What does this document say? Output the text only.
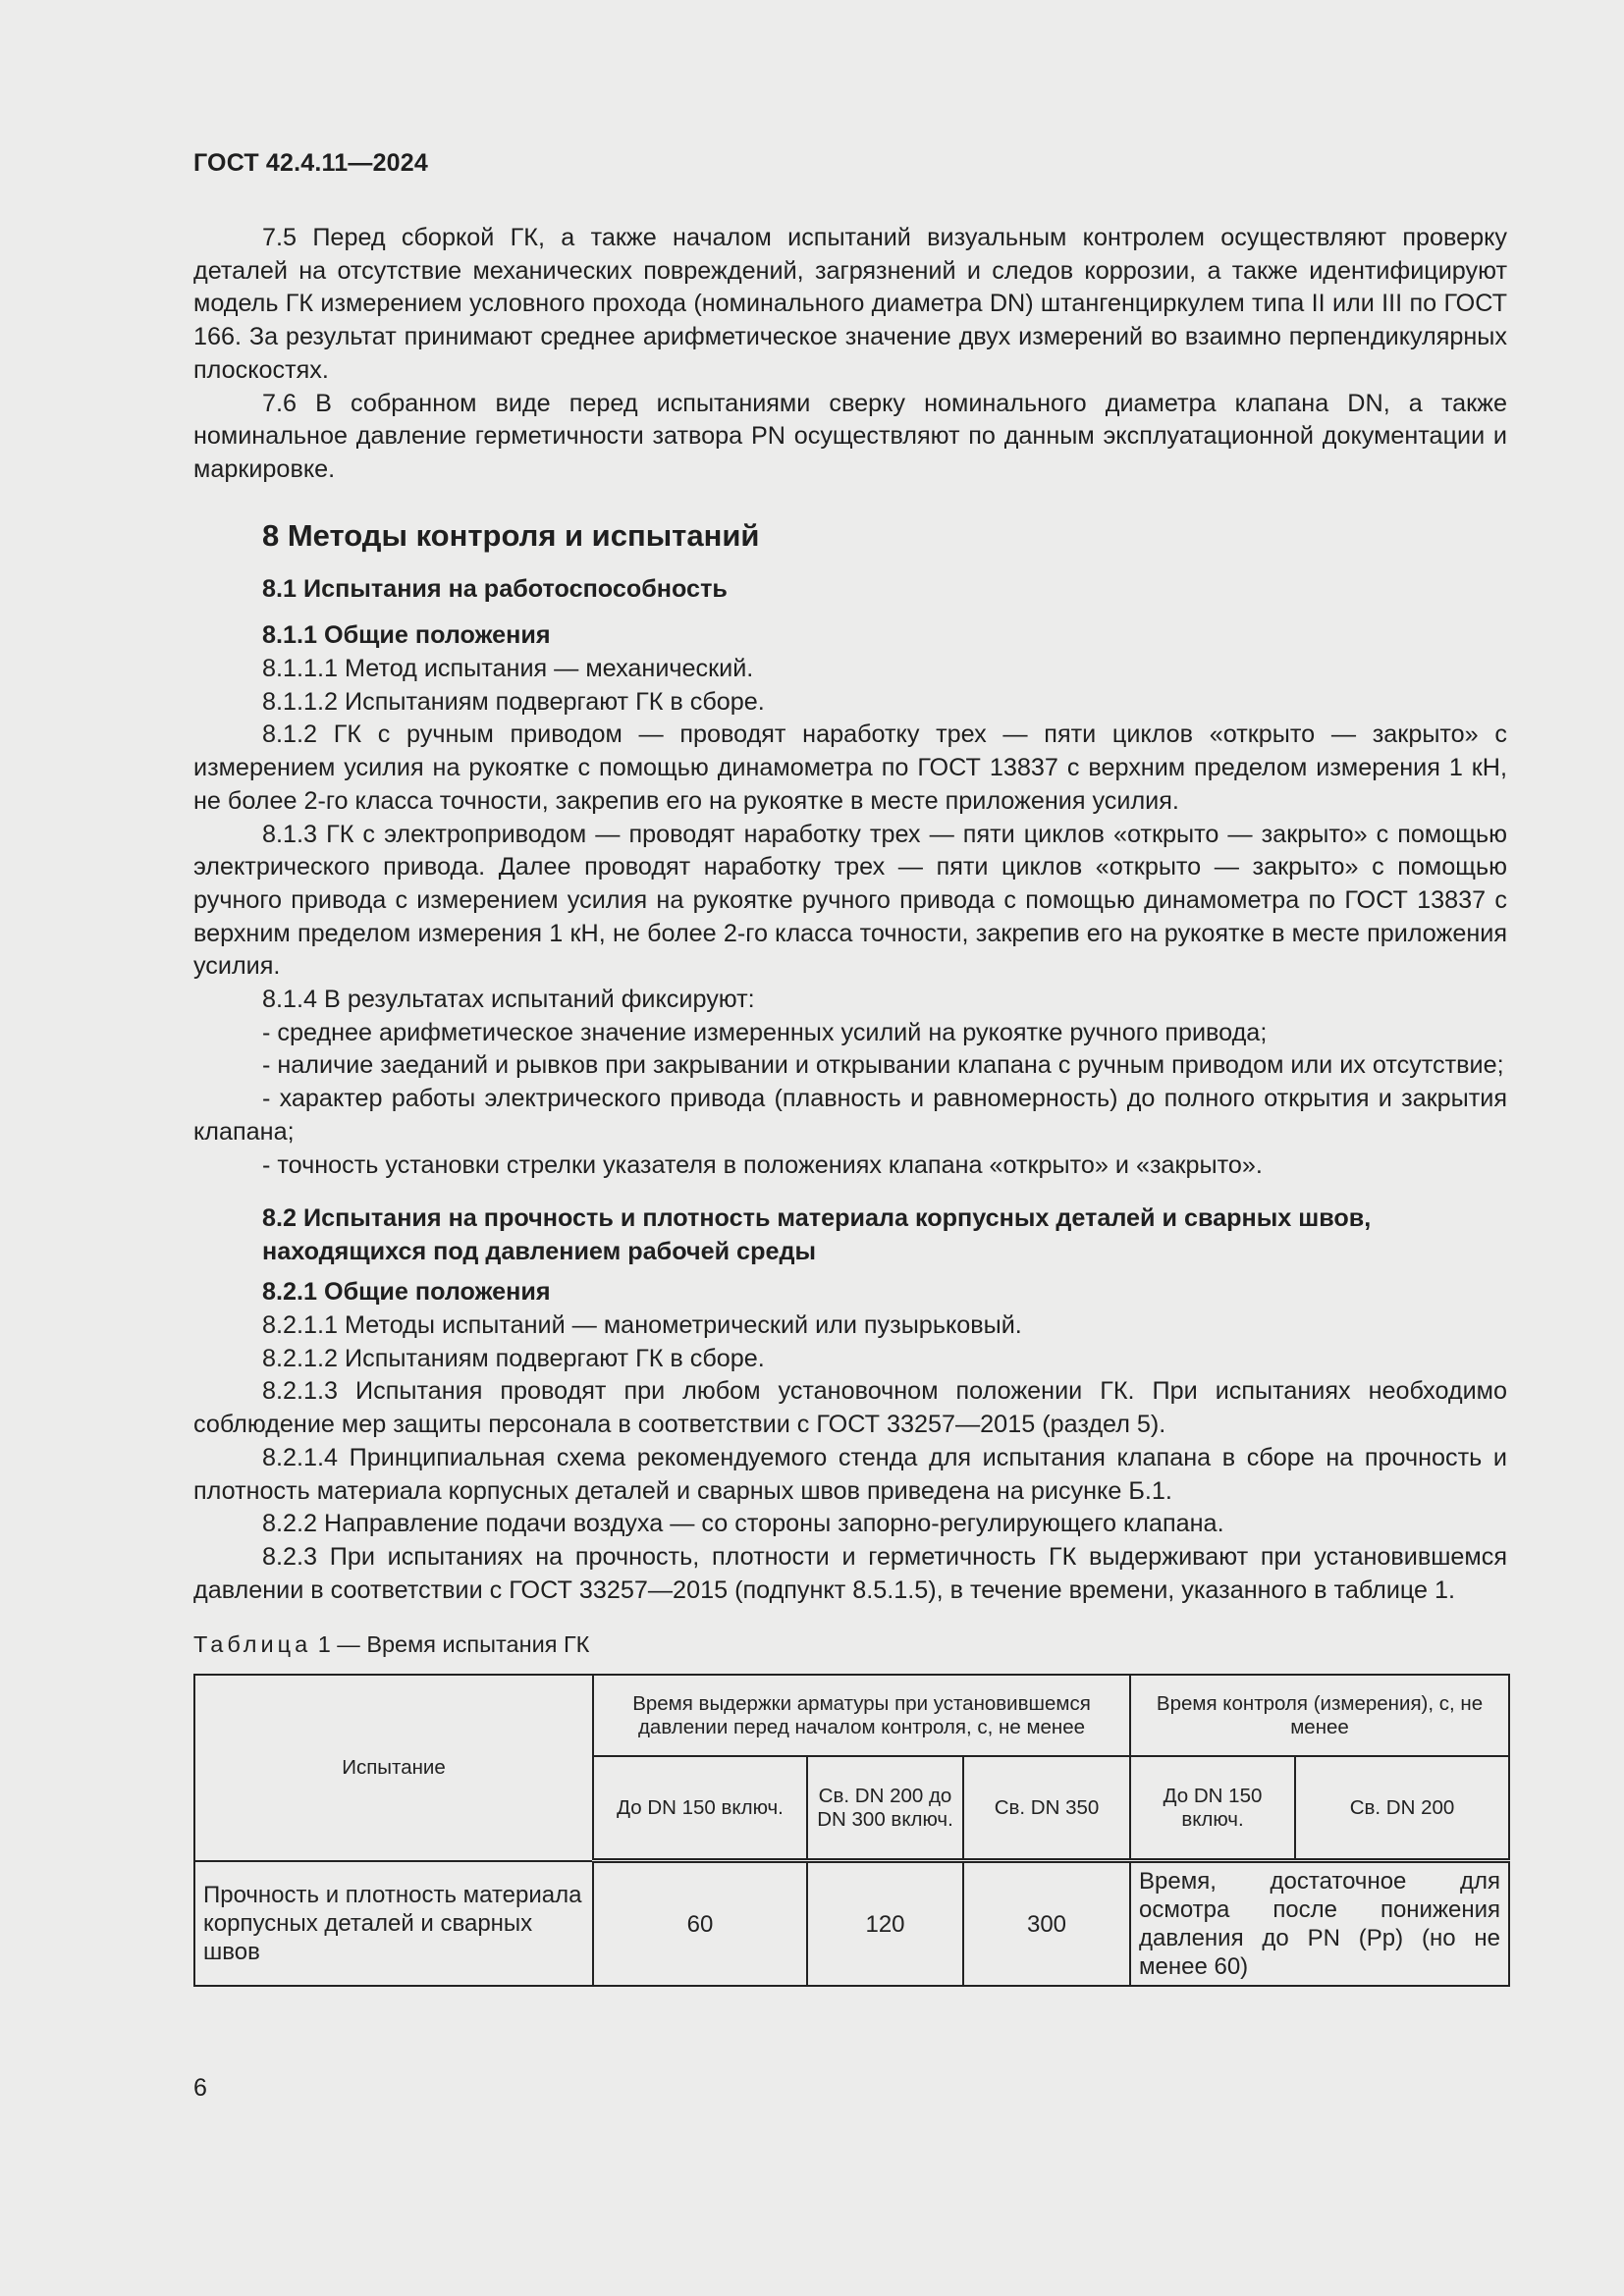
ГОСТ 42.4.11—2024

7.5 Перед сборкой ГК, а также началом испытаний визуальным контролем осуществляют проверку деталей на отсутствие механических повреждений, загрязнений и следов коррозии, а также идентифицируют модель ГК измерением условного прохода (номинального диаметра DN) штангенциркулем типа II или III по ГОСТ 166. За результат принимают среднее арифметическое значение двух измерений во взаимно перпендикулярных плоскостях.

7.6 В собранном виде перед испытаниями сверку номинального диаметра клапана DN, а также номинальное давление герметичности затвора PN осуществляют по данным эксплуатационной документации и маркировке.

8 Методы контроля и испытаний

8.1 Испытания на работоспособность

8.1.1 Общие положения

8.1.1.1 Метод испытания — механический.

8.1.1.2 Испытаниям подвергают ГК в сборе.

8.1.2 ГК с ручным приводом — проводят наработку трех — пяти циклов «открыто — закрыто» с измерением усилия на рукоятке с помощью динамометра по ГОСТ 13837 с верхним пределом измерения 1 кН, не более 2-го класса точности, закрепив его на рукоятке в месте приложения усилия.

8.1.3 ГК с электроприводом — проводят наработку трех — пяти циклов «открыто — закрыто» с помощью электрического привода. Далее проводят наработку трех — пяти циклов «открыто — закрыто» с помощью ручного привода с измерением усилия на рукоятке ручного привода с помощью динамометра по ГОСТ 13837 с верхним пределом измерения 1 кН, не более 2-го класса точности, закрепив его на рукоятке в месте приложения усилия.

8.1.4 В результатах испытаний фиксируют:

- среднее арифметическое значение измеренных усилий на рукоятке ручного привода;

- наличие заеданий и рывков при закрывании и открывании клапана с ручным приводом или их отсутствие;

- характер работы электрического привода (плавность и равномерность) до полного открытия и закрытия клапана;

- точность установки стрелки указателя в положениях клапана «открыто» и «закрыто».

8.2 Испытания на прочность и плотность материала корпусных деталей и сварных швов, находящихся под давлением рабочей среды

8.2.1 Общие положения

8.2.1.1 Методы испытаний — манометрический или пузырьковый.

8.2.1.2 Испытаниям подвергают ГК в сборе.

8.2.1.3 Испытания проводят при любом установочном положении ГК. При испытаниях необходимо соблюдение мер защиты персонала в соответствии с ГОСТ 33257—2015 (раздел 5).

8.2.1.4 Принципиальная схема рекомендуемого стенда для испытания клапана в сборе на прочность и плотность материала корпусных деталей и сварных швов приведена на рисунке Б.1.

8.2.2 Направление подачи воздуха — со стороны запорно-регулирующего клапана.

8.2.3 При испытаниях на прочность, плотности и герметичность ГК выдерживают при установившемся давлении в соответствии с ГОСТ 33257—2015 (подпункт 8.5.1.5), в течение времени, указанного в таблице 1.

Таблица 1 — Время испытания ГК

Испытание	Время выдержки арматуры при установившемся давлении перед началом контроля, с, не менее			Время контроля (измерения), с, не менее	
	До DN 150 включ.	Св. DN 200 до DN 300 включ.	Св. DN 350	До DN 150 включ.	Св. DN 200
Прочность и плотность материала корпусных деталей и сварных швов	60	120	300	Время, достаточное для осмотра после понижения давления до PN (Pр) (но не менее 60)	
6
